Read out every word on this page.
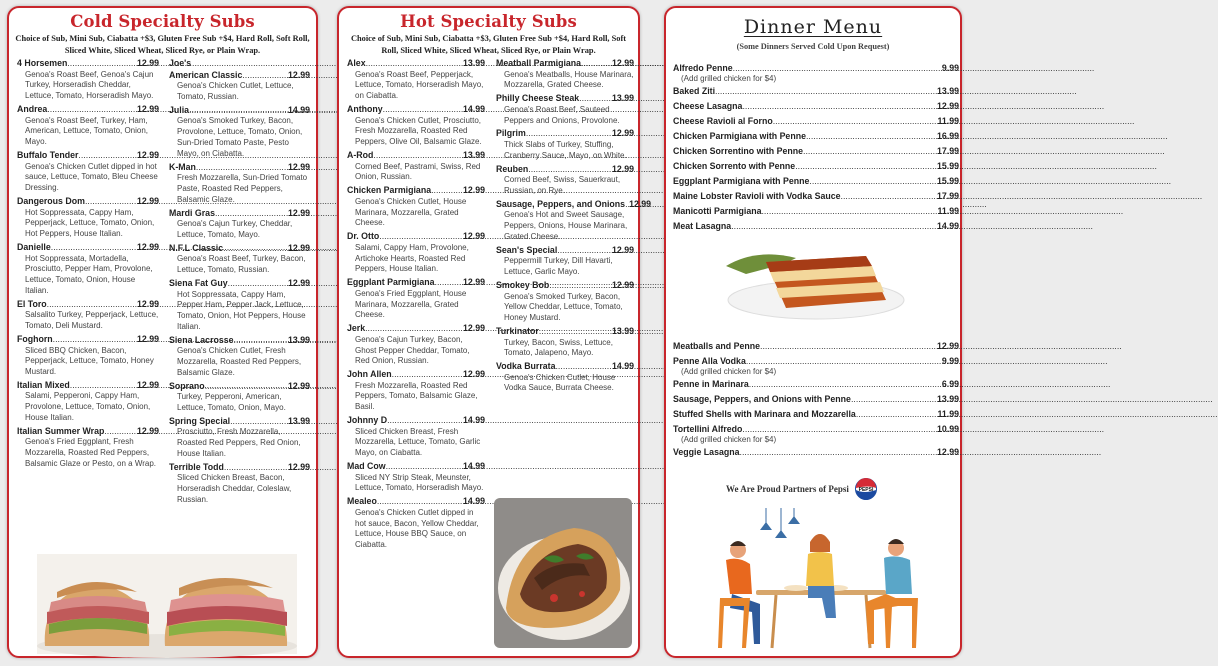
Cold Specialty Subs
Choice of Sub, Mini Sub, Ciabatta +$3, Gluten Free Sub +$4, Hard Roll, Soft Roll, Sliced White, Sliced Wheat, Sliced Rye, or Plain Wrap.
4 Horsemen .....	12.99
Genoa's Roast Beef, Genoa's Cajun Turkey, Horseradish Cheddar, Lettuce, Tomato, Horseradish Mayo.
Andrea .....	12.99
Genoa's Roast Beef, Turkey, Ham, American, Lettuce, Tomato, Onion, Mayo.
Buffalo Tender .....	12.99
Genoa's Chicken Cutlet dipped in hot sauce, Lettuce, Tomato, Bleu Cheese Dressing.
Dangerous Dom .....	12.99
Hot Soppressata, Cappy Ham, Pepperjack, Lettuce, Tomato, Onion, Hot Peppers, House Italian.
Danielle .....	12.99
Hot Soppressata, Mortadella, Prosciutto, Pepper Ham, Provolone, Lettuce, Tomato, Onion, House Italian.
El Toro .....	12.99
Salsalito Turkey, Pepperjack, Lettuce, Tomato, Deli Mustard.
Foghorn .....	12.99
Sliced BBQ Chicken, Bacon, Pepperjack, Lettuce, Tomato, Honey Mustard.
Italian Mixed .....	12.99
Salami, Pepperoni, Cappy Ham, Provolone, Lettuce, Tomato, Onion, House Italian.
Italian Summer Wrap .....	12.99
Genoa's Fried Eggplant, Fresh Mozzarella, Roasted Red Peppers, Balsamic Glaze or Pesto, on a Wrap.
Joe's
American Classic .....	12.99
Genoa's Chicken Cutlet, Lettuce, Tomato, Russian.
Julia .....	14.99
Genoa's Smoked Turkey, Bacon, Provolone, Lettuce, Tomato, Onion, Sun-Dried Tomato Paste, Pesto Mayo, on Ciabatta.
K-Man .....	12.99
Fresh Mozzarella, Sun-Dried Tomato Paste, Roasted Red Peppers, Balsamic Glaze.
Mardi Gras .....	12.99
Genoa's Cajun Turkey, Cheddar, Lettuce, Tomato, Mayo.
N.F.L Classic .....	12.99
Genoa's Roast Beef, Turkey, Bacon, Lettuce, Tomato, Russian.
Siena Fat Guy .....	12.99
Hot Soppressata, Cappy Ham, Pepper Ham, Pepper Jack, Lettuce, Tomato, Onion, Hot Peppers, House Italian.
Siena Lacrosse .....	13.99
Genoa's Chicken Cutlet, Fresh Mozzarella, Roasted Red Peppers, Balsamic Glaze.
Soprano .....	12.99
Turkey, Pepperoni, American, Lettuce, Tomato, Onion, Mayo.
Spring Special .....	13.99
Prosciutto, Fresh Mozzarella, Roasted Red Peppers, Red Onion, House Italian.
Terrible Todd .....	12.99
Sliced Chicken Breast, Bacon, Horseradish Cheddar, Coleslaw, Russian.
Hot Specialty Subs
Choice of Sub, Mini Sub, Ciabatta +$3, Gluten Free Sub +$4, Hard Roll, Soft Roll, Sliced White, Sliced Wheat, Sliced Rye, or Plain Wrap.
Alex .....	13.99
Genoa's Roast Beef, Pepperjack, Lettuce, Tomato, Horseradish Mayo, on Ciabatta.
Anthony .....	14.99
Genoa's Chicken Cutlet, Prosciutto, Fresh Mozzarella, Roasted Red Peppers, Olive Oil, Balsamic Glaze.
A-Rod .....	13.99
Corned Beef, Pastrami, Swiss, Red Onion, Russian.
Chicken Parmigiana .....	12.99
Genoa's Chicken Cutlet, House Marinara, Mozzarella, Grated Cheese.
Dr. Otto .....	12.99
Salami, Cappy Ham, Provolone, Artichoke Hearts, Roasted Red Peppers, House Italian.
Eggplant Parmigiana .....	12.99
Genoa's Fried Eggplant, House Marinara, Mozzarella, Grated Cheese.
Jerk .....	12.99
Genoa's Cajun Turkey, Bacon, Ghost Pepper Cheddar, Tomato, Red Onion, Russian.
John Allen .....	12.99
Fresh Mozzarella, Roasted Red Peppers, Tomato, Balsamic Glaze, Basil.
Johnny D .....	14.99
Sliced Chicken Breast, Fresh Mozzarella, Lettuce, Tomato, Garlic Mayo, on Ciabatta.
Mad Cow .....	14.99
Sliced NY Strip Steak, Meunster, Lettuce, Tomato, Horseradish Mayo.
Mealeo .....	14.99
Genoa's Chicken Cutlet dipped in hot sauce, Bacon, Yellow Cheddar, Lettuce, House BBQ Sauce, on Ciabatta.
Meatball Parmigiana .....	12.99
Genoa's Meatballs, House Marinara, Mozzarella, Grated Cheese.
Philly Cheese Steak .....	13.99
Genoa's Roast Beef, Sauteed Peppers and Onions, Provolone.
Pilgrim .....	12.99
Thick Slabs of Turkey, Stuffing, Cranberry Sauce, Mayo, on White.
Reuben .....	12.99
Corned Beef, Swiss, Sauerkraut, Russian, on Rye.
Sausage, Peppers, and Onions ..... 12.99
Genoa's Hot and Sweet Sausage, Peppers, Onions, House Marinara, Grated Cheese.
Sean's Special .....	12.99
Peppermill Turkey, Dill Havarti, Lettuce, Garlic Mayo.
Smokey Bob .....	12.99
Genoa's Smoked Turkey, Bacon, Yellow Cheddar, Lettuce, Tomato, Honey Mustard.
Turkinator .....	13.99
Turkey, Bacon, Swiss, Lettuce, Tomato, Jalapeno, Mayo.
Vodka Burrata .....	14.99
Genoa's Chicken Cutlet, House Vodka Sauce, Burrata Cheese.
Dinner Menu
(Some Dinners Served Cold Upon Request)
Alfredo Penne .....	9.99
(Add grilled chicken for $4)
Baked Ziti .....	13.99
Cheese Lasagna .....	12.99
Cheese Ravioli al Forno .....	11.99
Chicken Parmigiana with Penne .....	16.99
Chicken Sorrentino with Penne .....	17.99
Chicken Sorrento with Penne .....	15.99
Eggplant Parmigiana with Penne .....	15.99
Maine Lobster Ravioli with Vodka Sauce .....	17.99
Manicotti Parmigiana .....	11.99
Meat Lasagna .....	14.99
Meatballs and Penne .....	12.99
Penne Alla Vodka .....	9.99
(Add grilled chicken for $4)
Penne in Marinara .....	6.99
Sausage, Peppers, and Onions with Penne .....	13.99
Stuffed Shells with Marinara and Mozzarella .....	11.99
Tortellini Alfredo .....	10.99
(Add grilled chicken for $4)
Veggie Lasagna .....	12.99
We Are Proud Partners of Pepsi PEPSI
